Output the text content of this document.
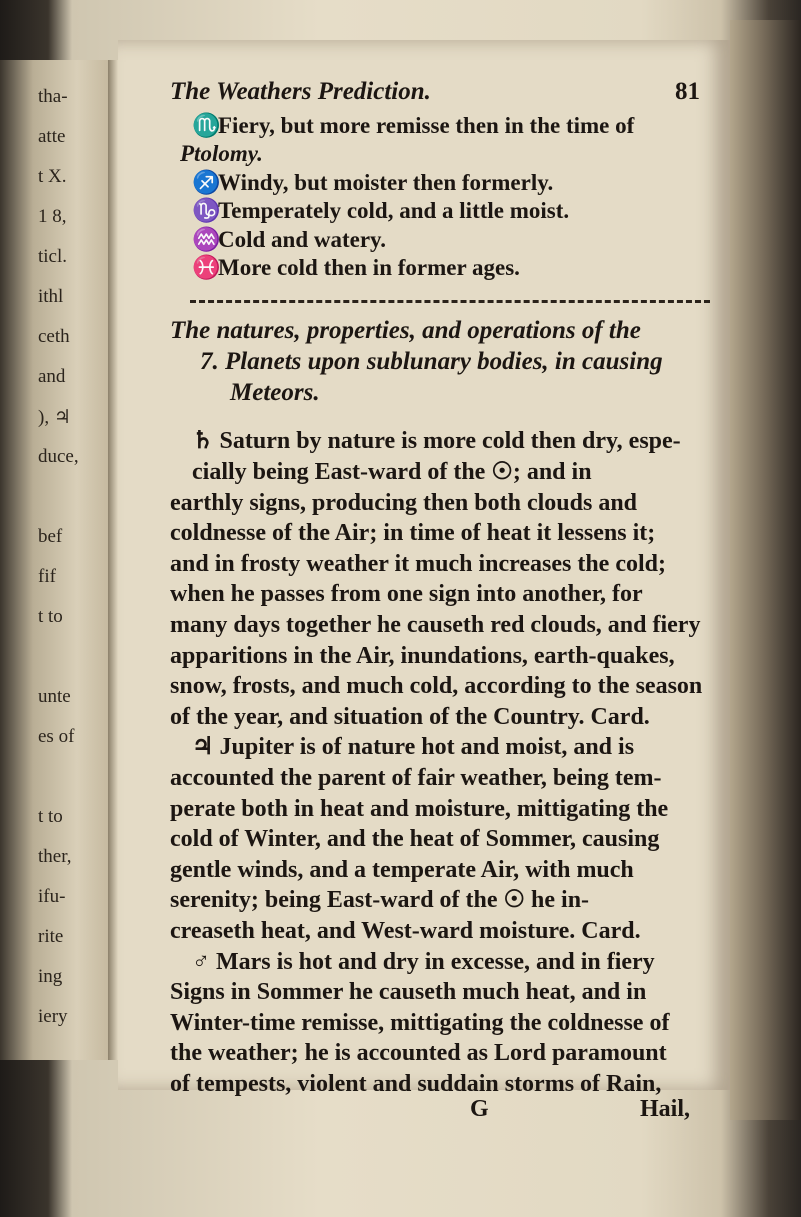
tha-
atte
t X.
1 8,
ticl.
ithl
ceth
and
), ♃
duce,
bef
fif
t to
unte
es of
t to
ther,
ifu-
rite
ing
iery
The Weathers Prediction.	81
♏Fiery, but more remisse then in the time of
Ptolomy.
♐Windy, but moister then formerly.
♑Temperately cold, and a little moist.
♒Cold and watery.
♓More cold then in former ages.
The natures, properties, and operations of the
7. Planets upon sublunary bodies, in causing
Meteors.
♄ Saturn by nature is more cold then dry, espe-
cially being East-ward of the ☉; and in
earthly signs, producing then both clouds and
coldnesse of the Air; in time of heat it lessens it;
and in frosty weather it much increases the cold;
when he passes from one sign into another, for
many days together he causeth red clouds, and fiery
apparitions in the Air, inundations, earth-quakes,
snow, frosts, and much cold, according to the season
of the year, and situation of the Country. Card.
♃ Jupiter is of nature hot and moist, and is
accounted the parent of fair weather, being tem-
perate both in heat and moisture, mittigating the
cold of Winter, and the heat of Sommer, causing
gentle winds, and a temperate Air, with much
serenity; being East-ward of the ☉ he in-
creaseth heat, and West-ward moisture. Card.
♂ Mars is hot and dry in excesse, and in fiery
Signs in Sommer he causeth much heat, and in
Winter-time remisse, mittigating the coldnesse of
the weather; he is accounted as Lord paramount
of tempests, violent and suddain storms of Rain,
G	Hail,
